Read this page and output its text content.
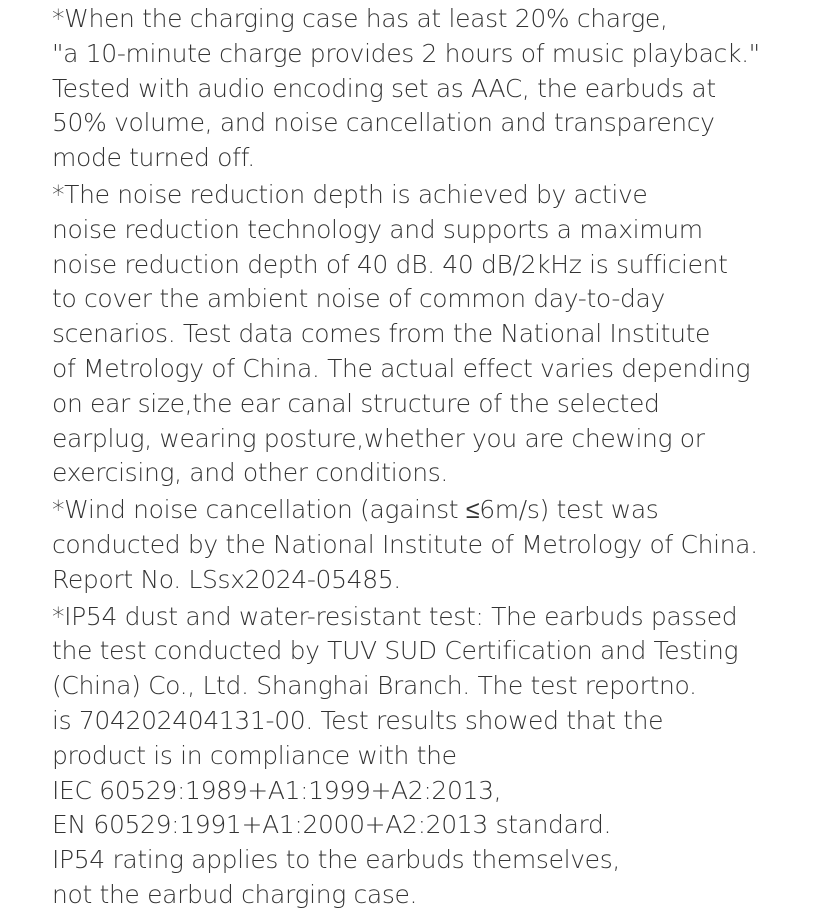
*When the charging case has at least 20% charge,
"a 10-minute charge provides 2 hours of music playback."
Tested with audio encoding set as AAC, the earbuds at
50% volume, and noise cancellation and transparency
mode turned off.
*The noise reduction depth is achieved by active
noise reduction technology and supports a maximum
noise reduction depth of 40 dB. 40 dB/2kHz is sufficient
to cover the ambient noise of common day-to-day
scenarios. Test data comes from the National Institute
of Metrology of China. The actual effect varies depending
on ear size,the ear canal structure of the selected
earplug, wearing posture,whether you are chewing or
exercising, and other conditions.
*Wind noise cancellation (against ≤6m/s) test was
conducted by the National Institute of Metrology of China.
Report No. LSsx2024-05485.
*IP54 dust and water-resistant test: The earbuds passed
the test conducted by TUV SUD Certification and Testing
(China) Co., Ltd. Shanghai Branch. The test reportno.
is 704202404131-00. Test results showed that the
product is in compliance with the
IEC 60529:1989+A1:1999+A2:2013,
EN 60529:1991+A1:2000+A2:2013 standard.
IP54 rating applies to the earbuds themselves,
not the earbud charging case.
